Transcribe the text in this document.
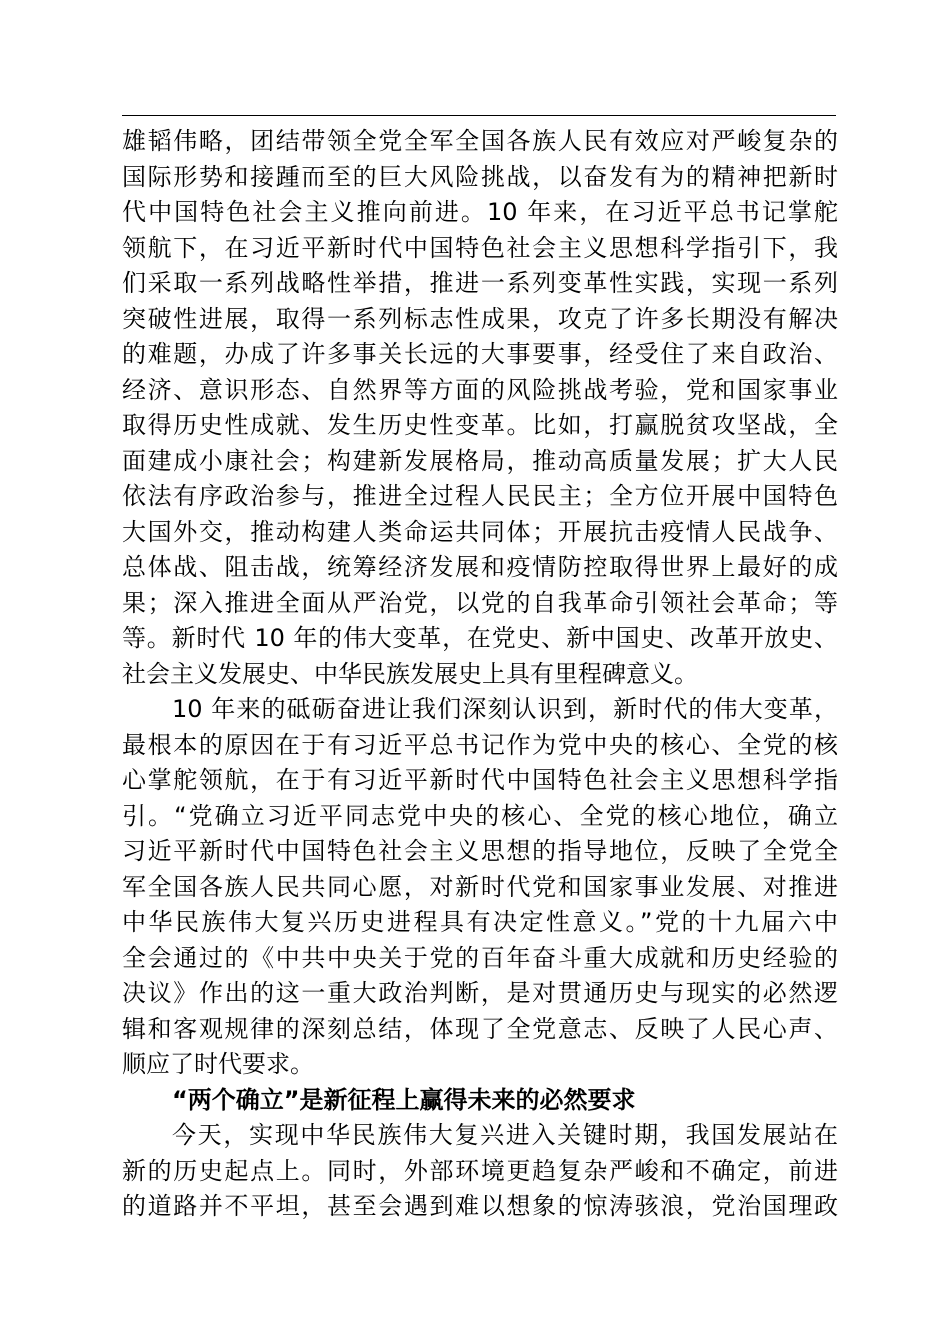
雄韬伟略，团结带领全党全军全国各族人民有效应对严峻复杂的
国际形势和接踵而至的巨大风险挑战，以奋发有为的精神把新时
代中国特色社会主义推向前进。10 年来，在习近平总书记掌舵
领航下，在习近平新时代中国特色社会主义思想科学指引下，我
们采取一系列战略性举措，推进一系列变革性实践，实现一系列
突破性进展，取得一系列标志性成果，攻克了许多长期没有解决
的难题，办成了许多事关长远的大事要事，经受住了来自政治、
经济、意识形态、自然界等方面的风险挑战考验，党和国家事业
取得历史性成就、发生历史性变革。比如，打赢脱贫攻坚战，全
面建成小康社会；构建新发展格局，推动高质量发展；扩大人民
依法有序政治参与，推进全过程人民民主；全方位开展中国特色
大国外交，推动构建人类命运共同体；开展抗击疫情人民战争、
总体战、阻击战，统筹经济发展和疫情防控取得世界上最好的成
果；深入推进全面从严治党，以党的自我革命引领社会革命；等
等。新时代 10 年的伟大变革，在党史、新中国史、改革开放史、
社会主义发展史、中华民族发展史上具有里程碑意义。
10 年来的砥砺奋进让我们深刻认识到，新时代的伟大变革，
最根本的原因在于有习近平总书记作为党中央的核心、全党的核
心掌舵领航，在于有习近平新时代中国特色社会主义思想科学指
引。“党确立习近平同志党中央的核心、全党的核心地位，确立
习近平新时代中国特色社会主义思想的指导地位，反映了全党全
军全国各族人民共同心愿，对新时代党和国家事业发展、对推进
中华民族伟大复兴历史进程具有决定性意义。”党的十九届六中
全会通过的《中共中央关于党的百年奋斗重大成就和历史经验的
决议》作出的这一重大政治判断，是对贯通历史与现实的必然逻
辑和客观规律的深刻总结，体现了全党意志、反映了人民心声、
顺应了时代要求。
“两个确立”是新征程上赢得未来的必然要求
今天，实现中华民族伟大复兴进入关键时期，我国发展站在
新的历史起点上。同时，外部环境更趋复杂严峻和不确定，前进
的道路并不平坦，甚至会遇到难以想象的惊涛骇浪，党治国理政
